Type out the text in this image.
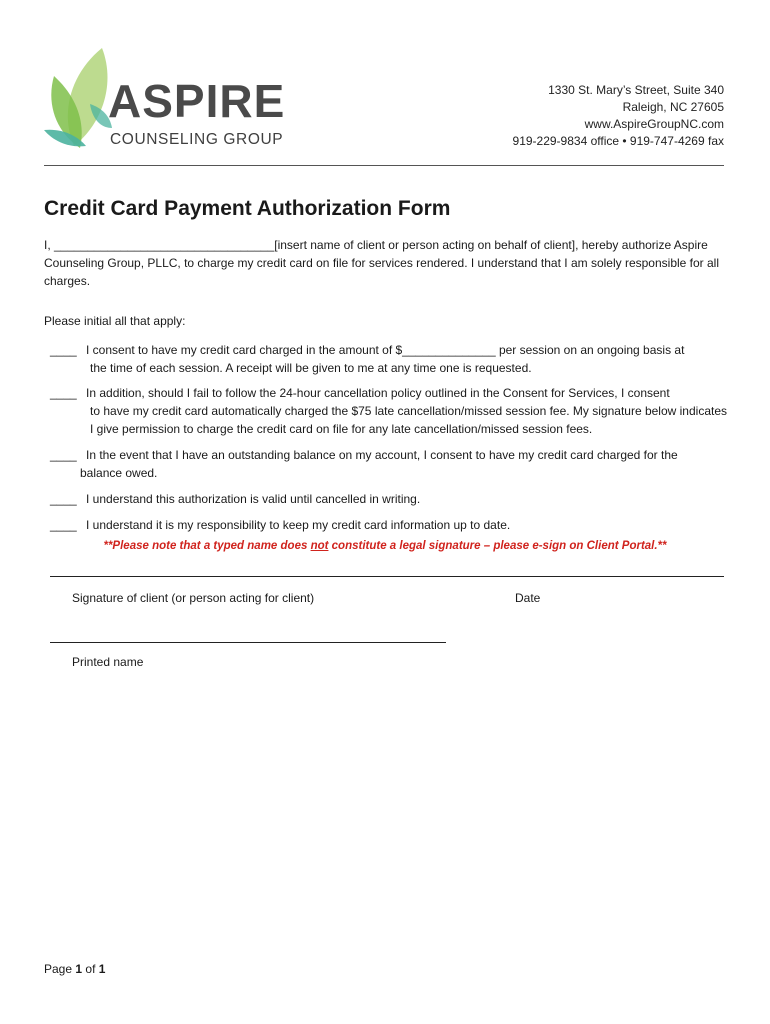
ASPIRE
COUNSELING GROUP
1330 St. Mary’s Street, Suite 340
Raleigh, NC 27605
www.AspireGroupNC.com
919-229-9834 office • 919-747-4269 fax
Credit Card Payment Authorization Form
I, _________________________________[insert name of client or person acting on behalf of client], hereby authorize Aspire Counseling Group, PLLC, to charge my credit card on file for services rendered. I understand that I am solely responsible for all charges.
Please initial all that apply:
____ I consent to have my credit card charged in the amount of $______________ per session on an ongoing basis at
the time of each session. A receipt will be given to me at any time one is requested.
____ In addition, should I fail to follow the 24-hour cancellation policy outlined in the Consent for Services, I consent
to have my credit card automatically charged the $75 late cancellation/missed session fee. My signature below indicates I give permission to charge the credit card on file for any late cancellation/missed session fees.
____ In the event that I have an outstanding balance on my account, I consent to have my credit card charged for the
balance owed.
____ I understand this authorization is valid until cancelled in writing.
____ I understand it is my responsibility to keep my credit card information up to date.
**Please note that a typed name does not constitute a legal signature – please e-sign on Client Portal.**
Signature of client (or person acting for client)	Date
Printed name
Page 1 of 1
